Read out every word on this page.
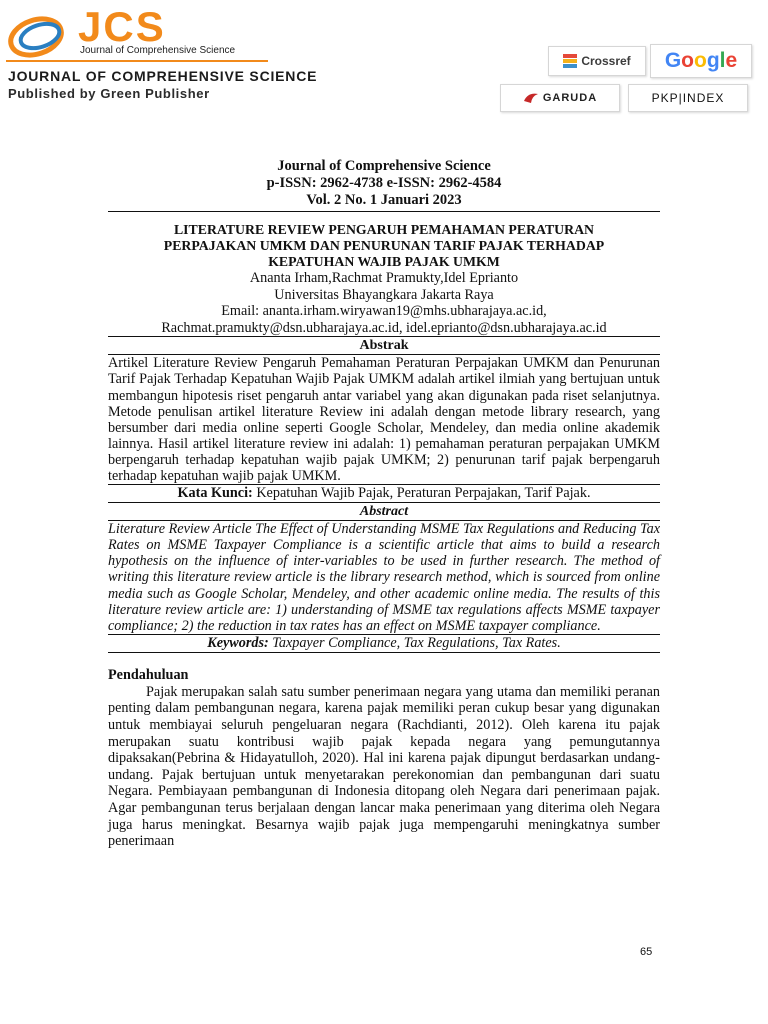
JCS
Journal of Comprehensive Science
JOURNAL OF COMPREHENSIVE SCIENCE
Published by Green Publisher
Crossref G o o g l e
GARUDA	PKP|INDEX
Journal of Comprehensive Science
p-ISSN: 2962-4738 e-ISSN: 2962-4584
Vol. 2 No. 1 Januari 2023
LITERATURE REVIEW PENGARUH PEMAHAMAN PERATURAN
PERPAJAKAN UMKM DAN PENURUNAN TARIF PAJAK TERHADAP
KEPATUHAN WAJIB PAJAK UMKM
Ananta Irham,Rachmat Pramukty,Idel Eprianto
Universitas Bhayangkara Jakarta Raya
Email: ananta.irham.wiryawan19@mhs.ubharajaya.ac.id,
Rachmat.pramukty@dsn.ubharajaya.ac.id, idel.eprianto@dsn.ubharajaya.ac.id
Abstrak
Artikel Literature Review Pengaruh Pemahaman Peraturan Perpajakan UMKM dan Penurunan Tarif Pajak Terhadap Kepatuhan Wajib Pajak UMKM adalah artikel ilmiah yang bertujuan untuk membangun hipotesis riset pengaruh antar variabel yang akan digunakan pada riset selanjutnya. Metode penulisan artikel literature Review ini adalah dengan metode library research, yang bersumber dari media online seperti Google Scholar, Mendeley, dan media online akademik lainnya. Hasil artikel literature review ini adalah: 1) pemahaman peraturan perpajakan UMKM berpengaruh terhadap kepatuhan wajib pajak UMKM; 2) penurunan tarif pajak berpengaruh terhadap kepatuhan wajib pajak UMKM.
Kata Kunci: Kepatuhan Wajib Pajak, Peraturan Perpajakan, Tarif Pajak.
Abstract
Literature Review Article The Effect of Understanding MSME Tax Regulations and Reducing Tax Rates on MSME Taxpayer Compliance is a scientific article that aims to build a research hypothesis on the influence of inter-variables to be used in further research. The method of writing this literature review article is the library research method, which is sourced from online media such as Google Scholar, Mendeley, and other academic online media. The results of this literature review article are: 1) understanding of MSME tax regulations affects MSME taxpayer compliance; 2) the reduction in tax rates has an effect on MSME taxpayer compliance.
Keywords: Taxpayer Compliance, Tax Regulations, Tax Rates.
Pendahuluan
Pajak merupakan salah satu sumber penerimaan negara yang utama dan memiliki peranan penting dalam pembangunan negara, karena pajak memiliki peran cukup besar yang digunakan untuk membiayai seluruh pengeluaran negara (Rachdianti, 2012). Oleh karena itu pajak merupakan suatu kontribusi wajib pajak kepada negara yang pemungutannya dipaksakan(Pebrina & Hidayatulloh, 2020). Hal ini karena pajak dipungut berdasarkan undang-undang. Pajak bertujuan untuk menyetarakan perekonomian dan pembangunan dari suatu Negara. Pembiayaan pembangunan di Indonesia ditopang oleh Negara dari penerimaan pajak. Agar pembangunan terus berjalaan dengan lancar maka penerimaan yang diterima oleh Negara juga harus meningkat. Besarnya wajib pajak juga mempengaruhi meningkatnya sumber penerimaan
65
